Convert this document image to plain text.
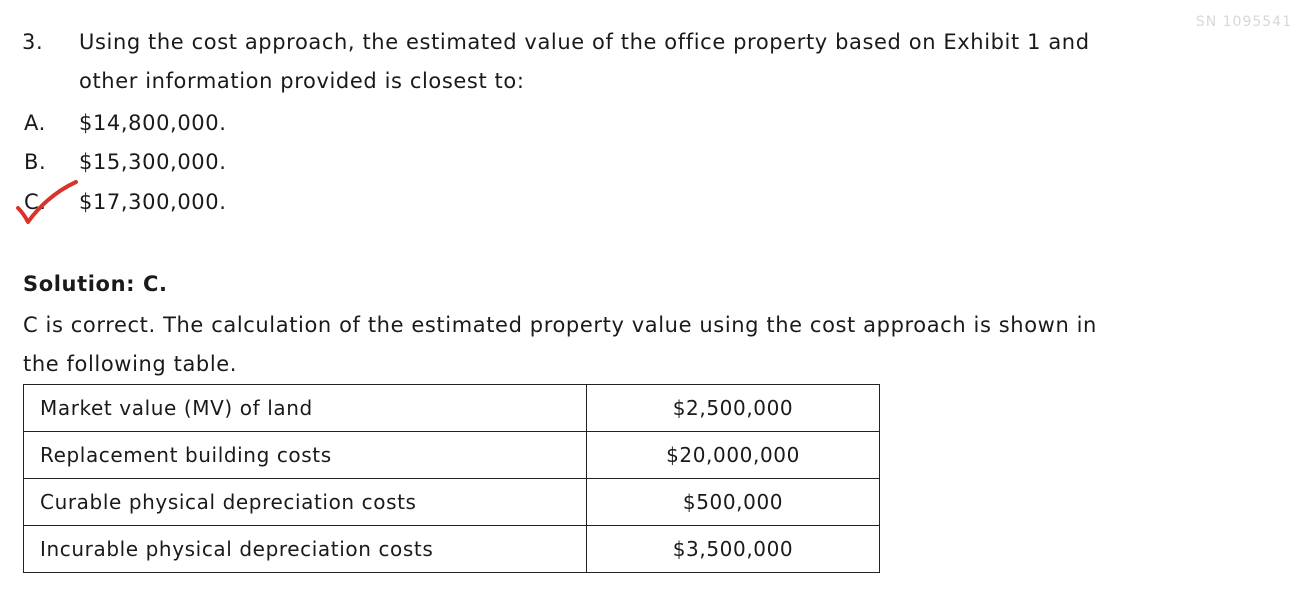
SN 1095541
3. Using the cost approach, the estimated value of the office property based on Exhibit 1 and
other information provided is closest to:
A. $14,800,000.
B. $15,300,000.
C. $17,300,000.
Solution: C.
C is correct. The calculation of the estimated property value using the cost approach is shown in
the following table.
Market value (MV) of land	$2,500,000
Replacement building costs	$20,000,000
Curable physical depreciation costs	$500,000
Incurable physical depreciation costs	$3,500,000
